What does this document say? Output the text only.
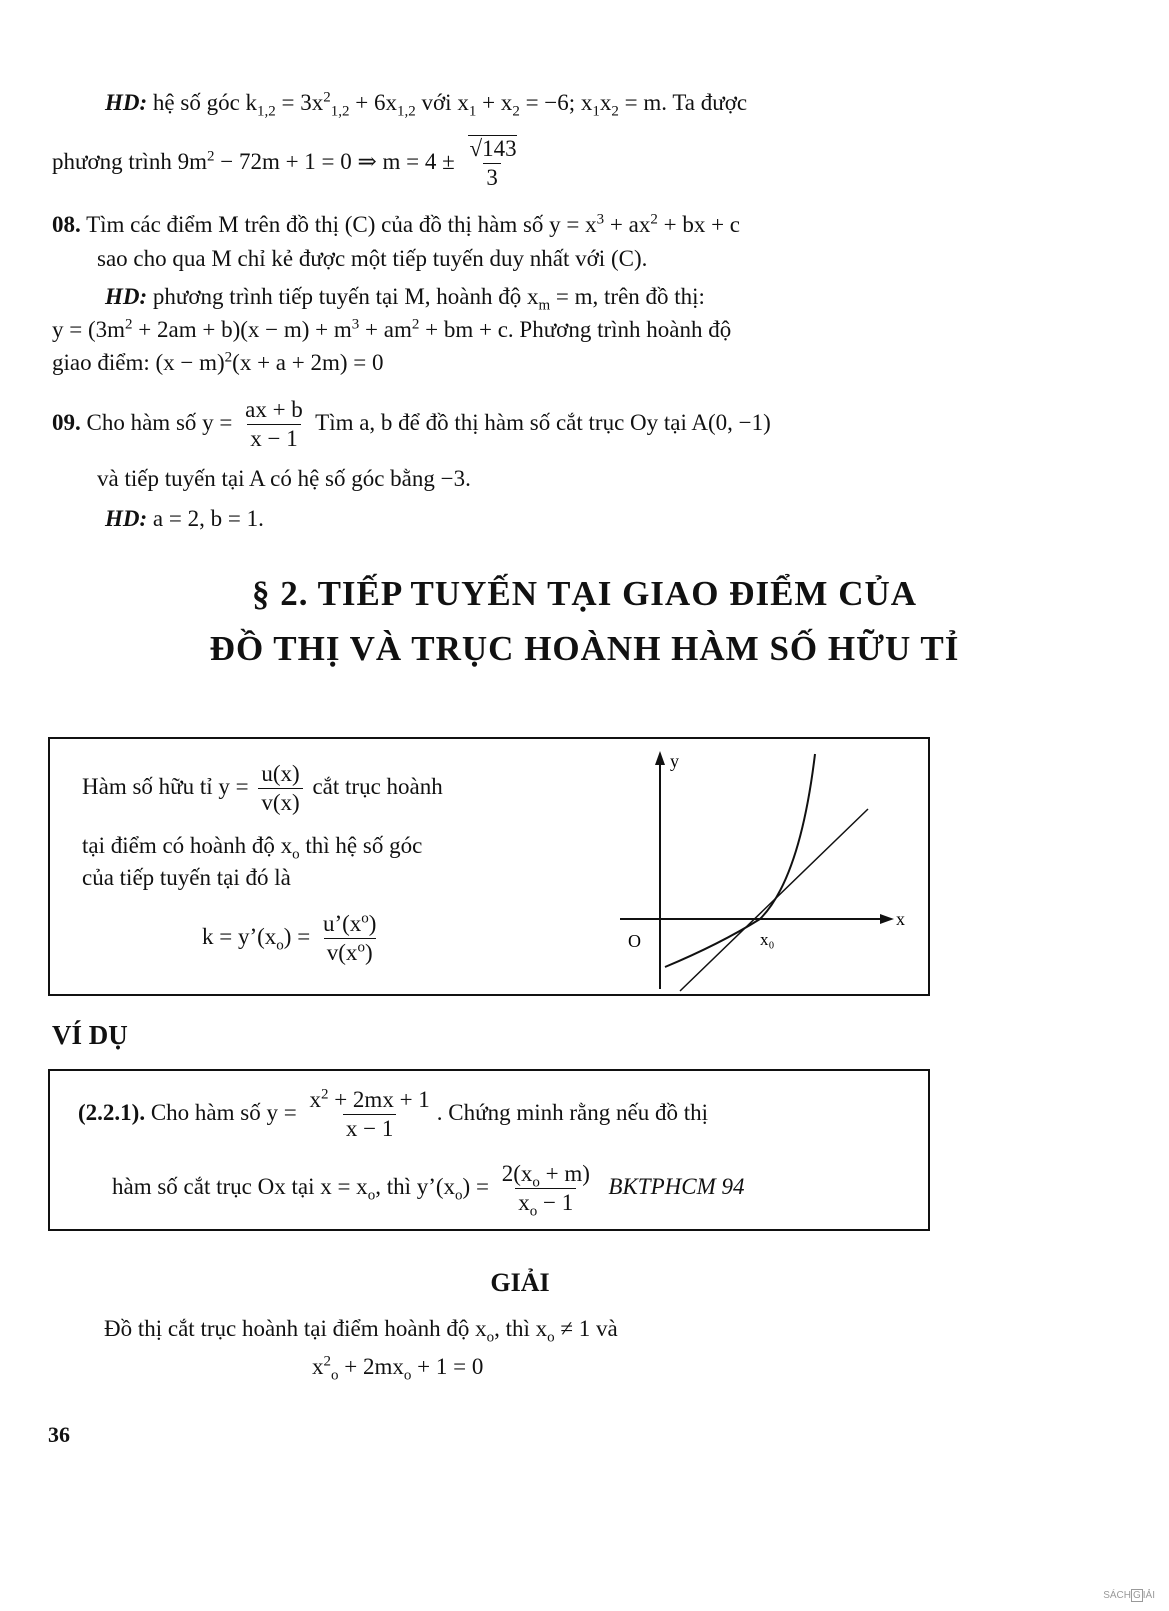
HD: hệ số góc $k_{1,2} = 3x^2_{1,2} + 6x_{1,2}$ với $x_1 + x_2 = -6$; $x_1x_2 = m$. Ta được
phương trình $9m^2 - 72m + 1 = 0$ ⇒ $m = 4 \pm \frac{√143}{3}$
08. Tìm các điểm M trên đồ thị (C) của đồ thị hàm số $y = x^3 + ax^2$ + bx + c
sao cho qua M chỉ kẻ được một tiếp tuyến duy nhất với (C).
HD: phương trình tiếp tuyến tại M, hoành độ $x_m = m$, trên đồ thị:
$y = (3m^2 + 2am + b)(x - m) + m^3 + am^2$ + bm + c. Phương trình hoành độ
giao điểm: $(x - m)^2(x + a + 2m) = 0$
09. Cho hàm số $y = \frac{ax + b}{x - 1}$ Tìm a, b để đồ thị hàm số cắt trục Oy tại A(0, −1)
và tiếp tuyến tại A có hệ số góc bằng −3.
HD: a = 2, b = 1.
§ 2. TIẾP TUYẾN TẠI GIAO ĐIỂM CỦA
ĐỒ THỊ VÀ TRỤC HOÀNH HÀM SỐ HỮU TỈ
Hàm số hữu tỉ $y = \frac{u(x)}{v(x)}$ cắt trục hoành
tại điểm có hoành độ $x_o$ thì hệ số góc
của tiếp tuyến tại đó là
$k = y’(x_o) = \frac{u’(x^o)}{v(x^o)}$
y
x
O	x₀
VÍ DỤ
(2.2.1). Cho hàm số $y = \frac{x^2 + 2mx + 1}{x - 1}$ . Chứng minh rằng nếu đồ thị
hàm số cắt trục Ox tại $x = x_o$, thì $y’(x_o) = \frac{2(x_o + m)}{x_o - 1}$ BKTPHCM 94
GIẢI
Đồ thị cắt trục hoành tại điểm hoành độ $x_o$, thì $x_o \ne 1$ và
$x^2_o + 2mx_o + 1 = 0$
36
SÁCH G IẢI
